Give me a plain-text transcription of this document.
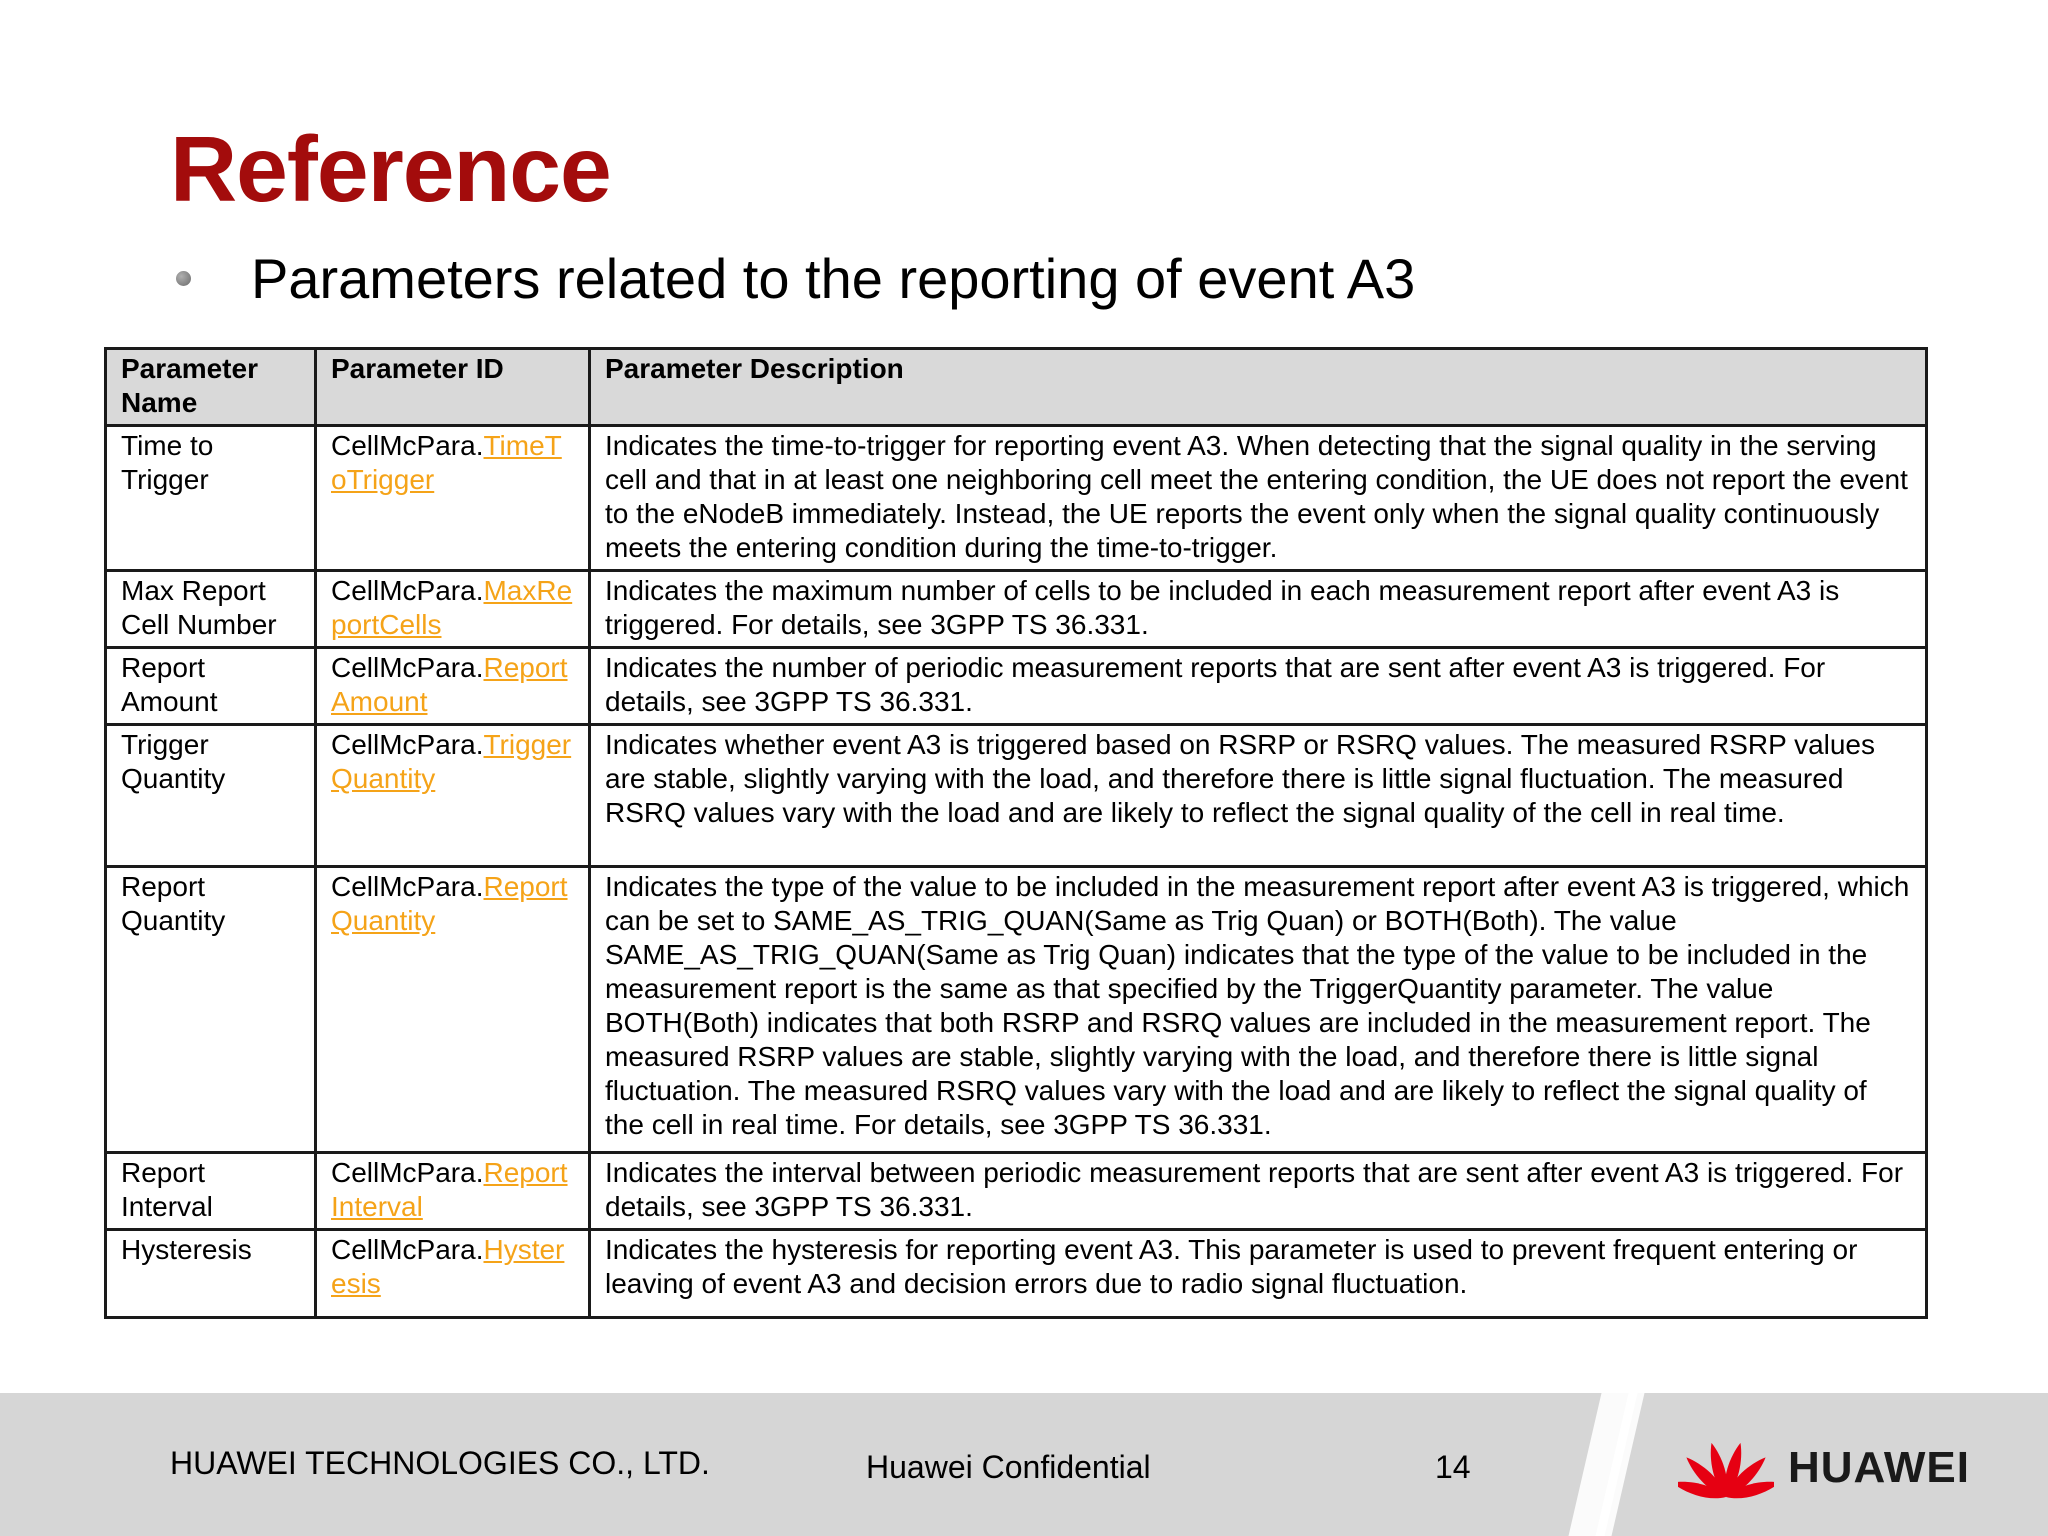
Reference
Parameters related to the reporting of event A3
Parameter Name	Parameter ID	Parameter Description
Time to Trigger	CellMcPara.TimeToTrigger	Indicates the time-to-trigger for reporting event A3. When detecting that the signal quality in the serving cell and that in at least one neighboring cell meet the entering condition, the UE does not report the event to the eNodeB immediately. Instead, the UE reports the event only when the signal quality continuously meets the entering condition during the time-to-trigger.
Max Report Cell Number	CellMcPara.MaxReportCells	Indicates the maximum number of cells to be included in each measurement report after event A3 is triggered. For details, see 3GPP TS 36.331.
Report Amount	CellMcPara.ReportAmount	Indicates the number of periodic measurement reports that are sent after event A3 is triggered. For details, see 3GPP TS 36.331.
Trigger Quantity	CellMcPara.TriggerQuantity	Indicates whether event A3 is triggered based on RSRP or RSRQ values. The measured RSRP values are stable, slightly varying with the load, and therefore there is little signal fluctuation. The measured RSRQ values vary with the load and are likely to reflect the signal quality of the cell in real time.
Report Quantity	CellMcPara.ReportQuantity	Indicates the type of the value to be included in the measurement report after event A3 is triggered, which can be set to SAME_AS_TRIG_QUAN(Same as Trig Quan) or BOTH(Both). The value SAME_AS_TRIG_QUAN(Same as Trig Quan) indicates that the type of the value to be included in the measurement report is the same as that specified by the TriggerQuantity parameter. The value BOTH(Both) indicates that both RSRP and RSRQ values are included in the measurement report. The measured RSRP values are stable, slightly varying with the load, and therefore there is little signal fluctuation. The measured RSRQ values vary with the load and are likely to reflect the signal quality of the cell in real time. For details, see 3GPP TS 36.331.
Report Interval	CellMcPara.ReportInterval	Indicates the interval between periodic measurement reports that are sent after event A3 is triggered. For details, see 3GPP TS 36.331.
Hysteresis	CellMcPara.Hysteresis	Indicates the hysteresis for reporting event A3. This parameter is used to prevent frequent entering or leaving of event A3 and decision errors due to radio signal fluctuation.
HUAWEI TECHNOLOGIES CO., LTD.	Huawei Confidential	14	HUAWEI
